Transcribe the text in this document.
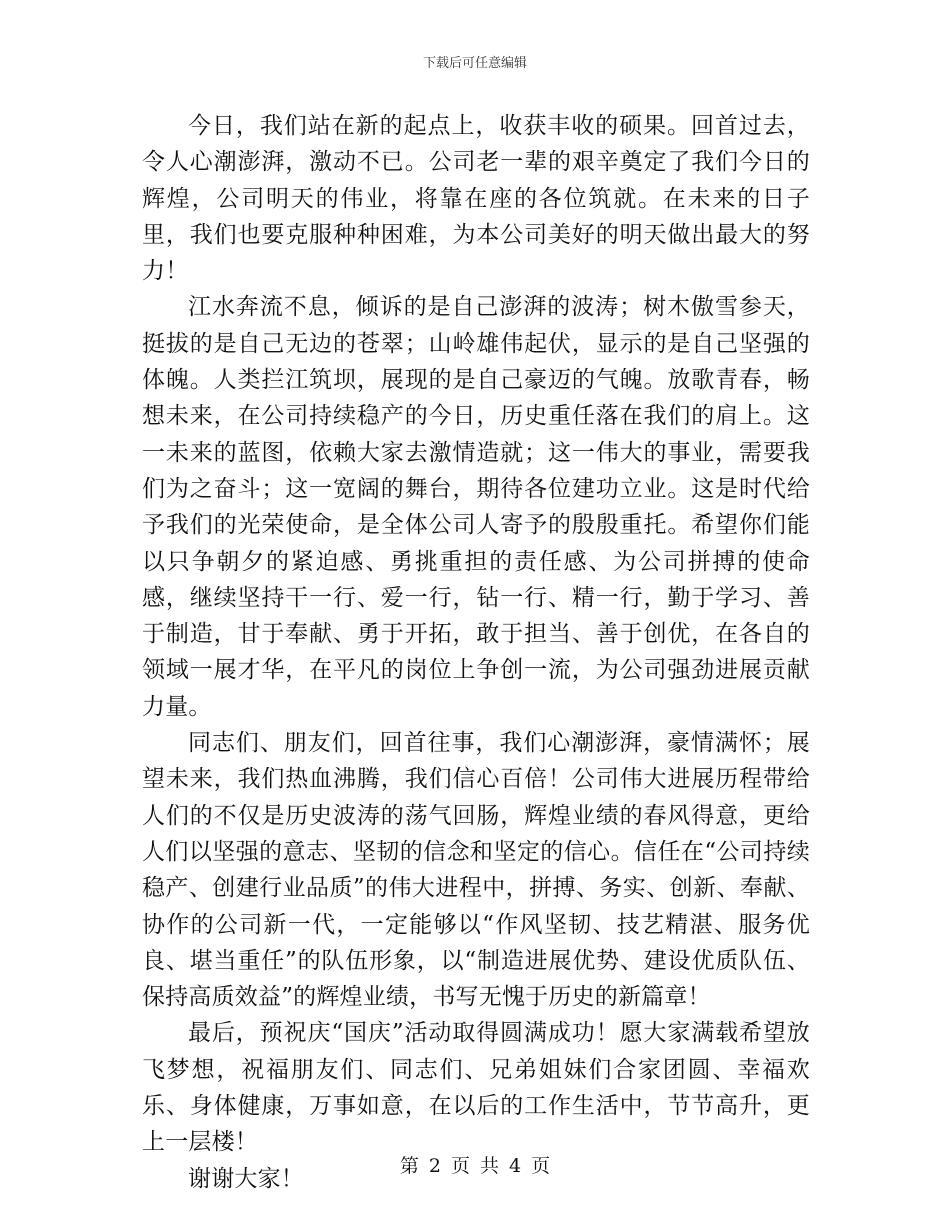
下载后可任意编辑

今日，我们站在新的起点上，收获丰收的硕果。回首过去，令人心潮澎湃，激动不已。公司老一辈的艰辛奠定了我们今日的辉煌，公司明天的伟业，将靠在座的各位筑就。在未来的日子里，我们也要克服种种困难，为本公司美好的明天做出最大的努力！

江水奔流不息，倾诉的是自己澎湃的波涛；树木傲雪参天，挺拔的是自己无边的苍翠；山岭雄伟起伏，显示的是自己坚强的体魄。人类拦江筑坝，展现的是自己豪迈的气魄。放歌青春，畅想未来，在公司持续稳产的今日，历史重任落在我们的肩上。这一未来的蓝图，依赖大家去激情造就；这一伟大的事业，需要我们为之奋斗；这一宽阔的舞台，期待各位建功立业。这是时代给予我们的光荣使命，是全体公司人寄予的殷殷重托。希望你们能以只争朝夕的紧迫感、勇挑重担的责任感、为公司拼搏的使命感，继续坚持干一行、爱一行，钻一行、精一行，勤于学习、善于制造，甘于奉献、勇于开拓，敢于担当、善于创优，在各自的领域一展才华，在平凡的岗位上争创一流，为公司强劲进展贡献力量。

同志们、朋友们，回首往事，我们心潮澎湃，豪情满怀；展望未来，我们热血沸腾，我们信心百倍！公司伟大进展历程带给人们的不仅是历史波涛的荡气回肠，辉煌业绩的春风得意，更给人们以坚强的意志、坚韧的信念和坚定的信心。信任在“公司持续稳产、创建行业品质”的伟大进程中，拼搏、务实、创新、奉献、协作的公司新一代，一定能够以“作风坚韧、技艺精湛、服务优良、堪当重任”的队伍形象，以“制造进展优势、建设优质队伍、保持高质效益”的辉煌业绩，书写无愧于历史的新篇章！

最后，预祝庆“国庆”活动取得圆满成功！愿大家满载希望放飞梦想，祝福朋友们、同志们、兄弟姐妹们合家团圆、幸福欢乐、身体健康，万事如意，在以后的工作生活中，节节高升，更上一层楼！

谢谢大家！	第 2 页 共 4 页
